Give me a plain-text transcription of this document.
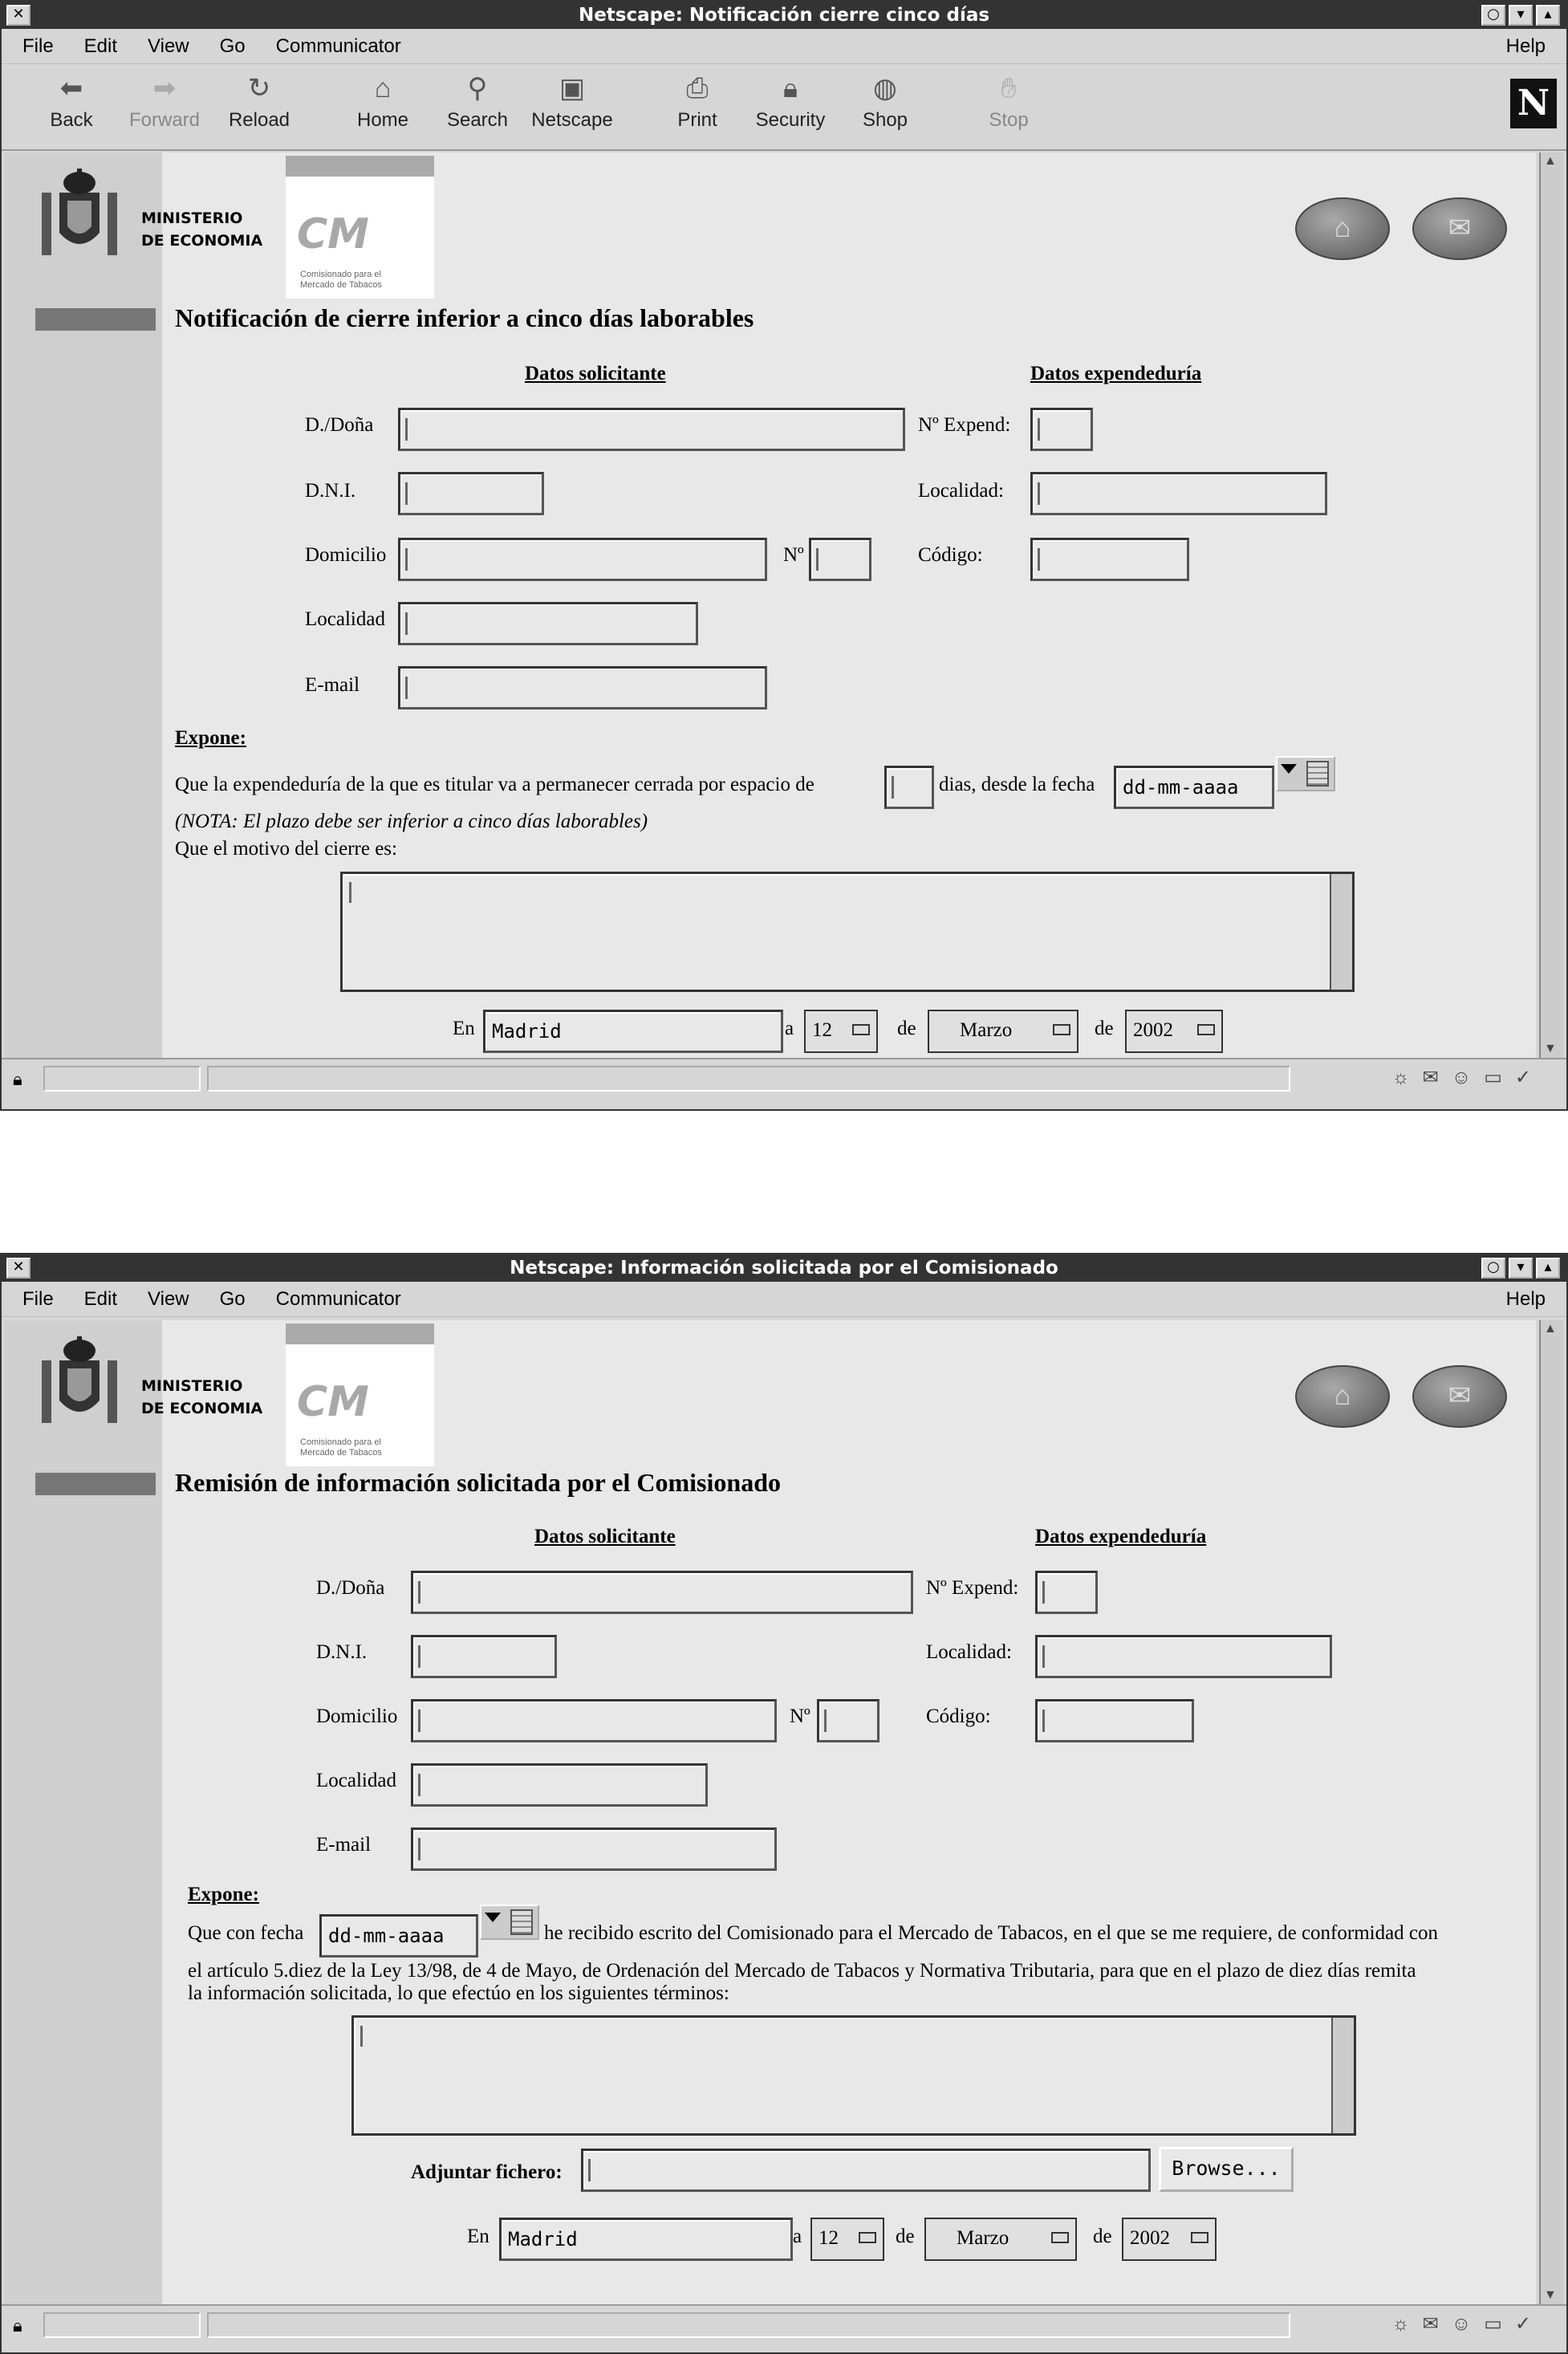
✕	Netscape: Notificación cierre cinco días	○	▾	▴
File Edit View Go Communicator	Help
⬅
Back
➡
Forward
↻
Reload
⌂
Home
⚲
Search
▣
Netscape
⎙
Print
🔒︎
Security
◍
Shop
✋︎
Stop	N
MINISTERIO
DE ECONOMIA CM
Comisionado para el
Mercado de Tabacos
⌂	✉
Notificación de cierre inferior a cinco días laborables
Datos solicitante	Datos expendeduría
D./Doña	Nº Expend:
D.N.I.	Localidad:
Domicilio	Nº	Código:
Localidad
E-mail
Expone:
Que la expendeduría de la que es titular va a permanecer cerrada por espacio de	dias, desde la fecha dd-mm-aaaa
(NOTA: El plazo debe ser inferior a cinco días laborables)
Que el motivo del cierre es:
En Madrid	a 12	de	Marzo	de 2002
▲ ▼
🔒︎	☼✉☺▭✓
✕	Netscape: Información solicitada por el Comisionado	○	▾	▴
File Edit View Go Communicator	Help
MINISTERIO
DE ECONOMIA CM
Comisionado para el
Mercado de Tabacos
⌂	✉
Remisión de información solicitada por el Comisionado
Datos solicitante	Datos expendeduría
D./Doña	Nº Expend:
D.N.I.	Localidad:
Domicilio	Nº	Código:
Localidad
E-mail
Expone:
Que con fecha dd-mm-aaaa	he recibido escrito del Comisionado para el Mercado de Tabacos, en el que se me requiere, de conformidad con
el artículo 5.diez de la Ley 13/98, de 4 de Mayo, de Ordenación del Mercado de Tabacos y Normativa Tributaria, para que en el plazo de diez días remita
la información solicitada, lo que efectúo en los siguientes términos:
Adjuntar fichero:	Browse...
En Madrid	a 12	de	Marzo	de 2002
▲ ▼
🔒︎	☼✉☺▭✓
